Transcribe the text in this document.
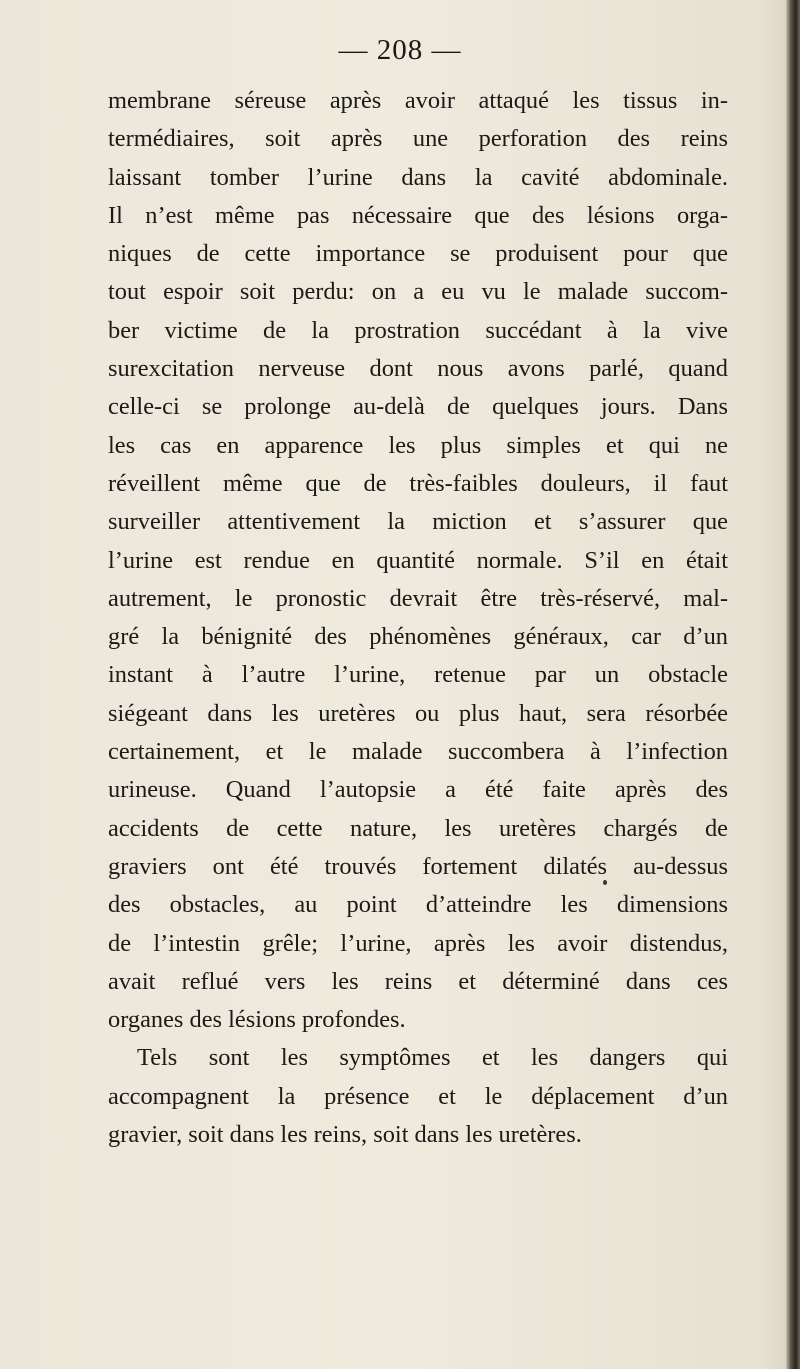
— 208 —
membrane séreuse après avoir attaqué les tissus in-
termédiaires, soit après une perforation des reins
laissant tomber l’urine dans la cavité abdominale.
Il n’est même pas nécessaire que des lésions orga-
niques de cette importance se produisent pour que
tout espoir soit perdu: on a eu vu le malade succom-
ber victime de la prostration succédant à la vive
surexcitation nerveuse dont nous avons parlé, quand
celle-ci se prolonge au-delà de quelques jours. Dans
les cas en apparence les plus simples et qui ne
réveillent même que de très-faibles douleurs, il faut
surveiller attentivement la miction et s’assurer que
l’urine est rendue en quantité normale. S’il en était
autrement, le pronostic devrait être très-réservé, mal-
gré la bénignité des phénomènes généraux, car d’un
instant à l’autre l’urine, retenue par un obstacle
siégeant dans les uretères ou plus haut, sera résorbée
certainement, et le malade succombera à l’infection
urineuse. Quand l’autopsie a été faite après des
accidents de cette nature, les uretères chargés de
graviers ont été trouvés fortement dilatés au-dessus
des obstacles, au point d’atteindre les dimensions
de l’intestin grêle; l’urine, après les avoir distendus,
avait reflué vers les reins et déterminé dans ces
organes des lésions profondes.
Tels sont les symptômes et les dangers qui
accompagnent la présence et le déplacement d’un
gravier, soit dans les reins, soit dans les uretères.
